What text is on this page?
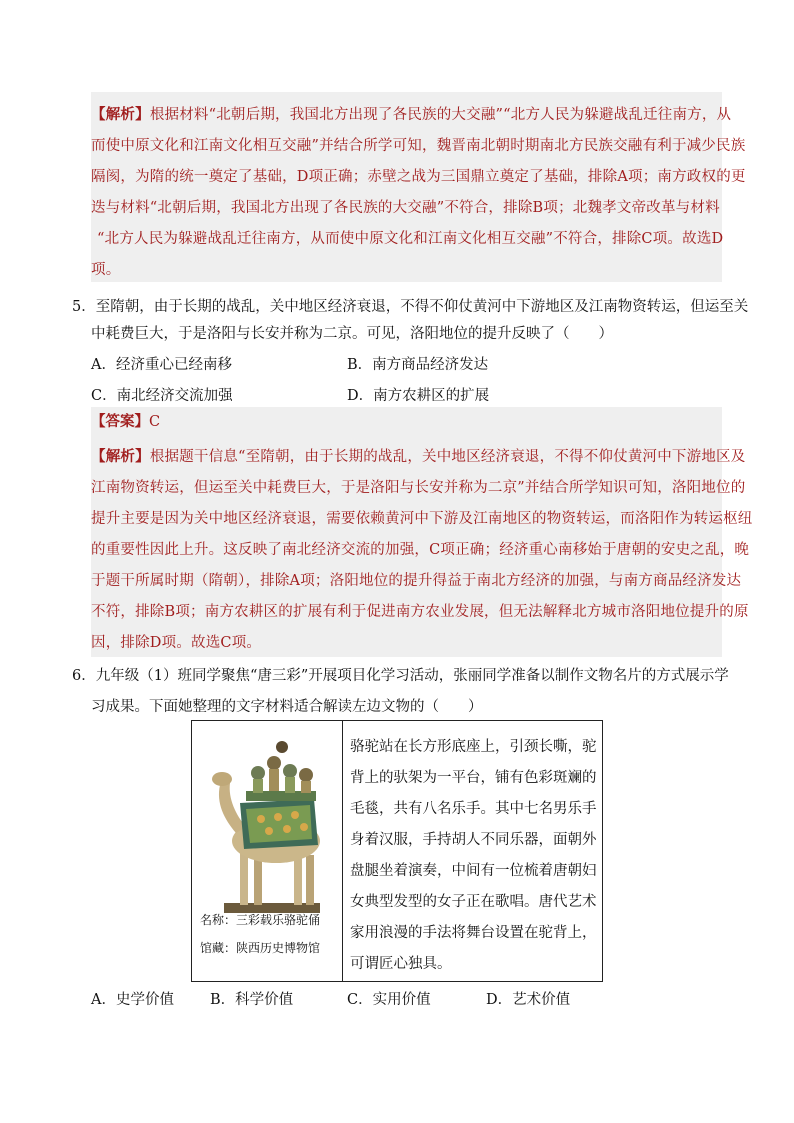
【解析】根据材料“北朝后期，我国北方出现了各民族的大交融”“北方人民为躲避战乱迁往南方，从
而使中原文化和江南文化相互交融”并结合所学可知，魏晋南北朝时期南北方民族交融有利于减少民族
隔阂，为隋的统一奠定了基础，D项正确；赤壁之战为三国鼎立奠定了基础，排除A项；南方政权的更
迭与材料“北朝后期，我国北方出现了各民族的大交融”不符合，排除B项；北魏孝文帝改革与材料
“北方人民为躲避战乱迁往南方，从而使中原文化和江南文化相互交融”不符合，排除C项。故选D
项。
5．至隋朝，由于长期的战乱，关中地区经济衰退，不得不仰仗黄河中下游地区及江南物资转运，但运至关
中耗费巨大，于是洛阳与长安并称为二京。可见，洛阳地位的提升反映了（　　）
A．经济重心已经南移	B．南方商品经济发达
C．南北经济交流加强	D．南方农耕区的扩展
【答案】C
【解析】根据题干信息“至隋朝，由于长期的战乱，关中地区经济衰退，不得不仰仗黄河中下游地区及
江南物资转运，但运至关中耗费巨大，于是洛阳与长安并称为二京”并结合所学知识可知，洛阳地位的
提升主要是因为关中地区经济衰退，需要依赖黄河中下游及江南地区的物资转运，而洛阳作为转运枢纽
的重要性因此上升。这反映了南北经济交流的加强，C项正确；经济重心南移始于唐朝的安史之乱，晚
于题干所属时期（隋朝），排除A项；洛阳地位的提升得益于南北方经济的加强，与南方商品经济发达
不符，排除B项；南方农耕区的扩展有利于促进南方农业发展，但无法解释北方城市洛阳地位提升的原
因，排除D项。故选C项。
6．九年级（1）班同学聚焦“唐三彩”开展项目化学习活动，张丽同学准备以制作文物名片的方式展示学
习成果。下面她整理的文字材料适合解读左边文物的（　　）
名称：三彩载乐骆驼俑
馆藏：陕西历史博物馆
骆驼站在长方形底座上，引颈长嘶，驼
背上的驮架为一平台，铺有色彩斑斓的
毛毯，共有八名乐手。其中七名男乐手
身着汉服，手持胡人不同乐器，面朝外
盘腿坐着演奏，中间有一位梳着唐朝妇
女典型发型的女子正在歌唱。唐代艺术
家用浪漫的手法将舞台设置在驼背上，
可谓匠心独具。
A．史学价值 B．科学价值	C．实用价值	D．艺术价值
